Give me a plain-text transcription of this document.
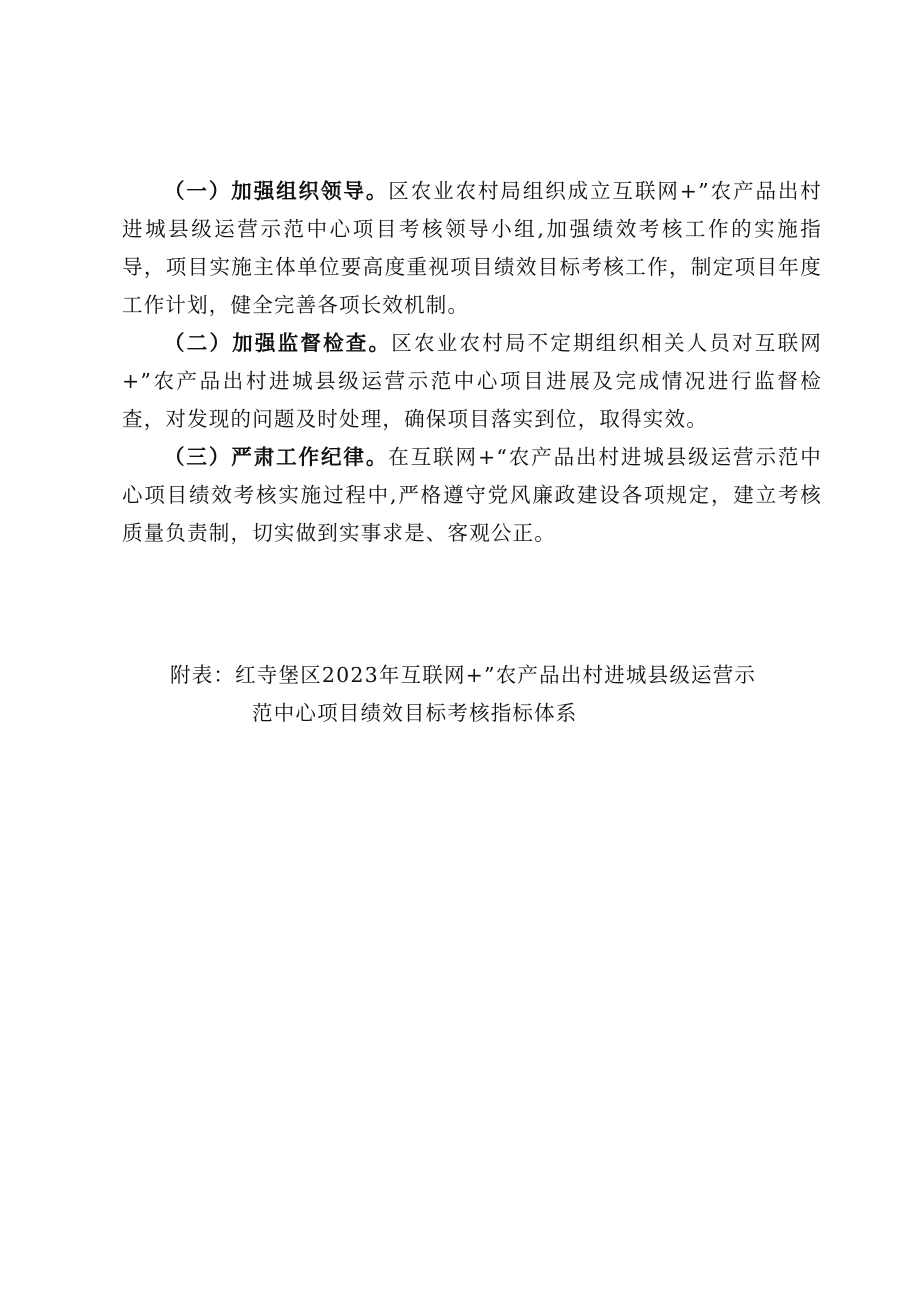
（一）加强组织领导。区农业农村局组织成立互联网+”农产品出村进城县级运营示范中心项目考核领导小组,加强绩效考核工作的实施指导，项目实施主体单位要高度重视项目绩效目标考核工作，制定项目年度工作计划，健全完善各项长效机制。

（二）加强监督检查。区农业农村局不定期组织相关人员对互联网+”农产品出村进城县级运营示范中心项目进展及完成情况进行监督检查，对发现的问题及时处理，确保项目落实到位，取得实效。

（三）严肃工作纪律。在互联网+“农产品出村进城县级运营示范中心项目绩效考核实施过程中,严格遵守党风廉政建设各项规定，建立考核质量负责制，切实做到实事求是、客观公正。

附表：红寺堡区2023年互联网+”农产品出村进城县级运营示
范中心项目绩效目标考核指标体系
